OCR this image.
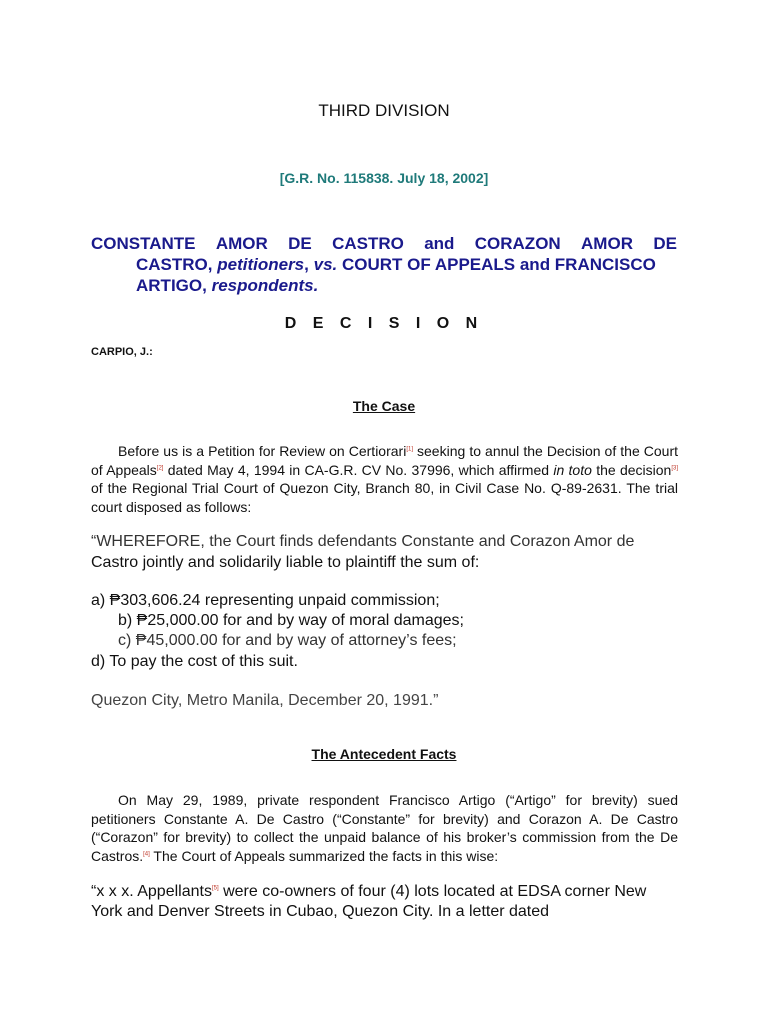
THIRD DIVISION
[G.R. No. 115838. July 18, 2002]
CONSTANTE AMOR DE CASTRO and CORAZON AMOR DE
CASTRO, petitioners, vs. COURT OF APPEALS and FRANCISCO
ARTIGO, respondents.
D E C I S I O N
CARPIO, J.:
The Case

Before us is a Petition for Review on Certiorari[1] seeking to annul the Decision of the Court of Appeals[2] dated May 4, 1994 in CA-G.R. CV No. 37996, which affirmed in toto the decision[3] of the Regional Trial Court of Quezon City, Branch 80, in Civil Case No. Q-89-2631. The trial court disposed as follows:

“WHEREFORE, the Court finds defendants Constante and Corazon Amor de
Castro jointly and solidarily liable to plaintiff the sum of:
a) ₱303,606.24 representing unpaid commission;
b) ₱25,000.00 for and by way of moral damages;
c) ₱45,000.00 for and by way of attorney’s fees;
d) To pay the cost of this suit.
Quezon City, Metro Manila, December 20, 1991.”
The Antecedent Facts

On May 29, 1989, private respondent Francisco Artigo (“Artigo” for brevity) sued petitioners Constante A. De Castro (“Constante” for brevity) and Corazon A. De Castro (“Corazon” for brevity) to collect the unpaid balance of his broker’s commission from the De Castros.[4] The Court of Appeals summarized the facts in this wise:

“x x x. Appellants[5] were co-owners of four (4) lots located at EDSA corner New York and Denver Streets in Cubao, Quezon City. In a letter dated
